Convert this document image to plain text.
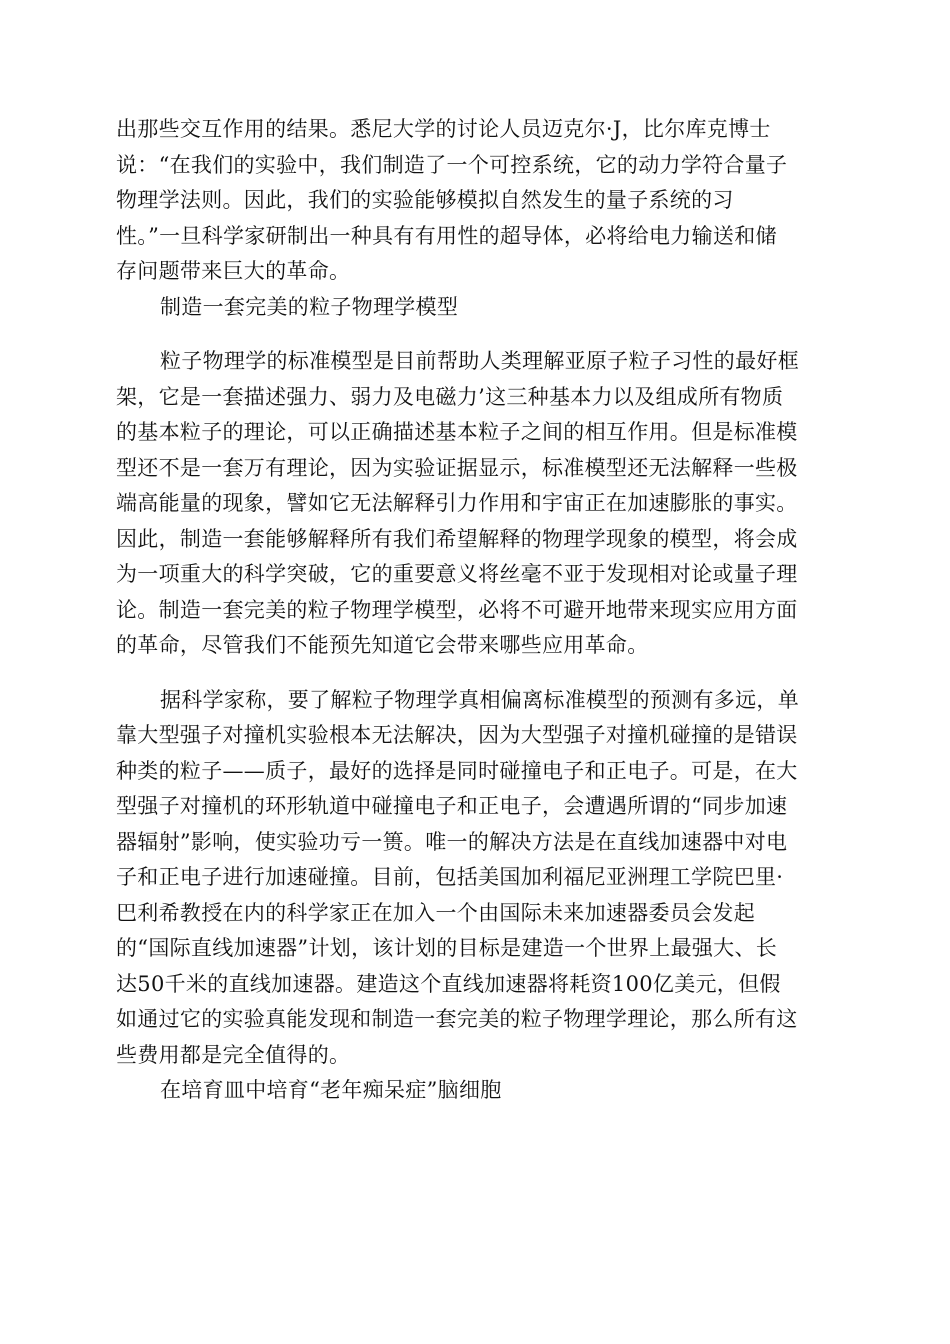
出那些交互作用的结果。悉尼大学的讨论人员迈克尔·J，比尔库克博士
说：“在我们的实验中，我们制造了一个可控系统，它的动力学符合量子
物理学法则。因此，我们的实验能够模拟自然发生的量子系统的习
性。”一旦科学家研制出一种具有有用性的超导体，必将给电力输送和储
存问题带来巨大的革命。

制造一套完美的粒子物理学模型

粒子物理学的标准模型是目前帮助人类理解亚原子粒子习性的最好框
架，它是一套描述强力、弱力及电磁力’这三种基本力以及组成所有物质
的基本粒子的理论，可以正确描述基本粒子之间的相互作用。但是标准模
型还不是一套万有理论，因为实验证据显示，标准模型还无法解释一些极
端高能量的现象，譬如它无法解释引力作用和宇宙正在加速膨胀的事实。
因此，制造一套能够解释所有我们希望解释的物理学现象的模型，将会成
为一项重大的科学突破，它的重要意义将丝毫不亚于发现相对论或量子理
论。制造一套完美的粒子物理学模型，必将不可避开地带来现实应用方面
的革命，尽管我们不能预先知道它会带来哪些应用革命。

据科学家称，要了解粒子物理学真相偏离标准模型的预测有多远，单
靠大型强子对撞机实验根本无法解决，因为大型强子对撞机碰撞的是错误
种类的粒子——质子，最好的选择是同时碰撞电子和正电子。可是，在大
型强子对撞机的环形轨道中碰撞电子和正电子，会遭遇所谓的“同步加速
器辐射”影响，使实验功亏一篑。唯一的解决方法是在直线加速器中对电
子和正电子进行加速碰撞。目前，包括美国加利福尼亚洲理工学院巴里·
巴利希教授在内的科学家正在加入一个由国际未来加速器委员会发起
的“国际直线加速器”计划，该计划的目标是建造一个世界上最强大、长
达50千米的直线加速器。建造这个直线加速器将耗资100亿美元，但假
如通过它的实验真能发现和制造一套完美的粒子物理学理论，那么所有这
些费用都是完全值得的。

在培育皿中培育“老年痴呆症”脑细胞
